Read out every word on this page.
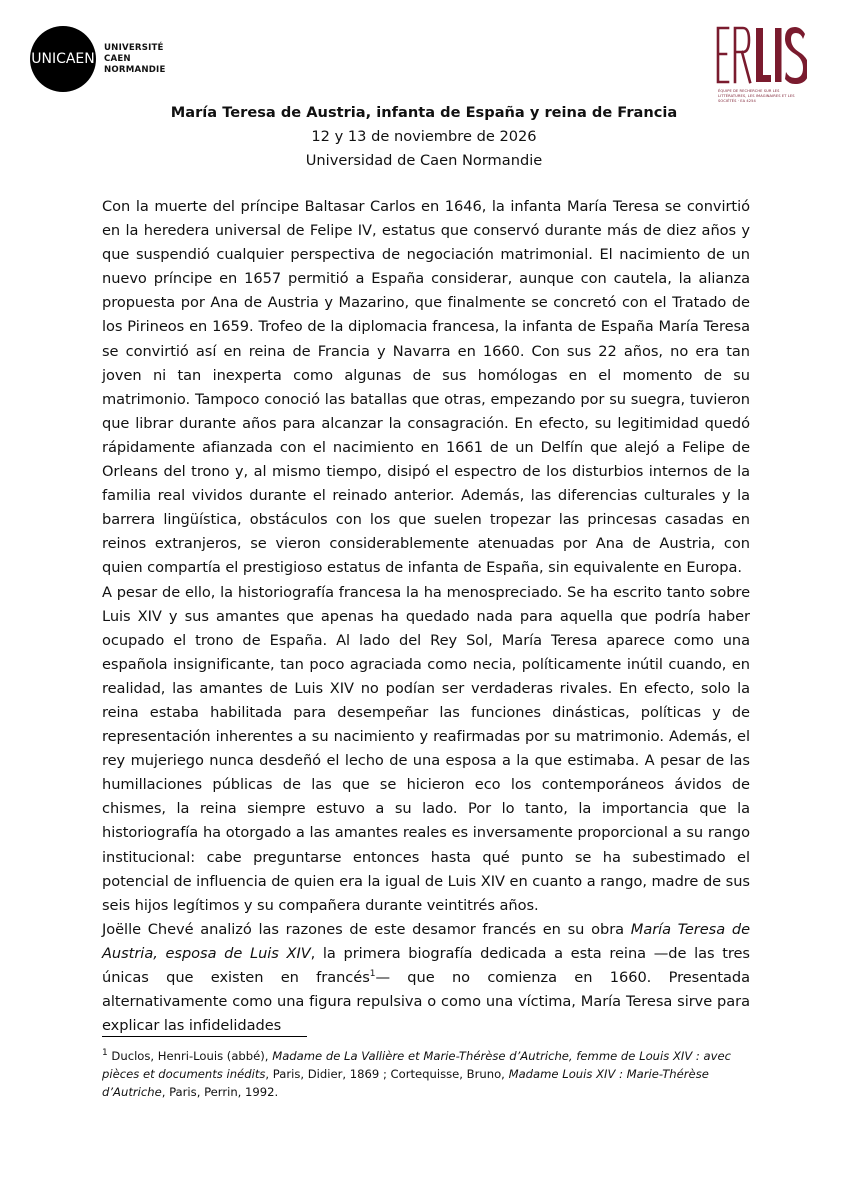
UNICAEN
UNIVERSITÉ
CAEN
NORMANDIE
ÉQUIPE DE RECHERCHE SUR LES LITTÉRATURES, LES IMAGINAIRES ET LES SOCIÉTÉS · EA 4254
María Teresa de Austria, infanta de España y reina de Francia
12 y 13 de noviembre de 2026
Universidad de Caen Normandie

Con la muerte del príncipe Baltasar Carlos en 1646, la infanta María Teresa se convirtió en la heredera universal de Felipe IV, estatus que conservó durante más de diez años y que suspendió cualquier perspectiva de negociación matrimonial. El nacimiento de un nuevo príncipe en 1657 permitió a España considerar, aunque con cautela, la alianza propuesta por Ana de Austria y Mazarino, que finalmente se concretó con el Tratado de los Pirineos en 1659. Trofeo de la diplomacia francesa, la infanta de España María Teresa se convirtió así en reina de Francia y Navarra en 1660. Con sus 22 años, no era tan joven ni tan inexperta como algunas de sus homólogas en el momento de su matrimonio. Tampoco conoció las batallas que otras, empezando por su suegra, tuvieron que librar durante años para alcanzar la consagración. En efecto, su legitimidad quedó rápidamente afianzada con el nacimiento en 1661 de un Delfín que alejó a Felipe de Orleans del trono y, al mismo tiempo, disipó el espectro de los disturbios internos de la familia real vividos durante el reinado anterior. Además, las diferencias culturales y la barrera lingüística, obstáculos con los que suelen tropezar las princesas casadas en reinos extranjeros, se vieron considerablemente atenuadas por Ana de Austria, con quien compartía el prestigioso estatus de infanta de España, sin equivalente en Europa.

A pesar de ello, la historiografía francesa la ha menospreciado. Se ha escrito tanto sobre Luis XIV y sus amantes que apenas ha quedado nada para aquella que podría haber ocupado el trono de España. Al lado del Rey Sol, María Teresa aparece como una española insignificante, tan poco agraciada como necia, políticamente inútil cuando, en realidad, las amantes de Luis XIV no podían ser verdaderas rivales. En efecto, solo la reina estaba habilitada para desempeñar las funciones dinásticas, políticas y de representación inherentes a su nacimiento y reafirmadas por su matrimonio. Además, el rey mujeriego nunca desdeñó el lecho de una esposa a la que estimaba. A pesar de las humillaciones públicas de las que se hicieron eco los contemporáneos ávidos de chismes, la reina siempre estuvo a su lado. Por lo tanto, la importancia que la historiografía ha otorgado a las amantes reales es inversamente proporcional a su rango institucional: cabe preguntarse entonces hasta qué punto se ha subestimado el potencial de influencia de quien era la igual de Luis XIV en cuanto a rango, madre de sus seis hijos legítimos y su compañera durante veintitrés años.

Joëlle Chevé analizó las razones de este desamor francés en su obra María Teresa de Austria, esposa de Luis XIV, la primera biografía dedicada a esta reina —de las tres únicas que existen en francés$^1$— que no comienza en 1660. Presentada alternativamente como una figura repulsiva o como una víctima, María Teresa sirve para explicar las infidelidades

$^1$ Duclos, Henri-Louis (abbé), Madame de La Vallière et Marie-Thérèse d’Autriche, femme de Louis XIV : avec pièces et documents inédits, Paris, Didier, 1869 ; Cortequisse, Bruno, Madame Louis XIV : Marie-Thérèse d’Autriche, Paris, Perrin, 1992.
